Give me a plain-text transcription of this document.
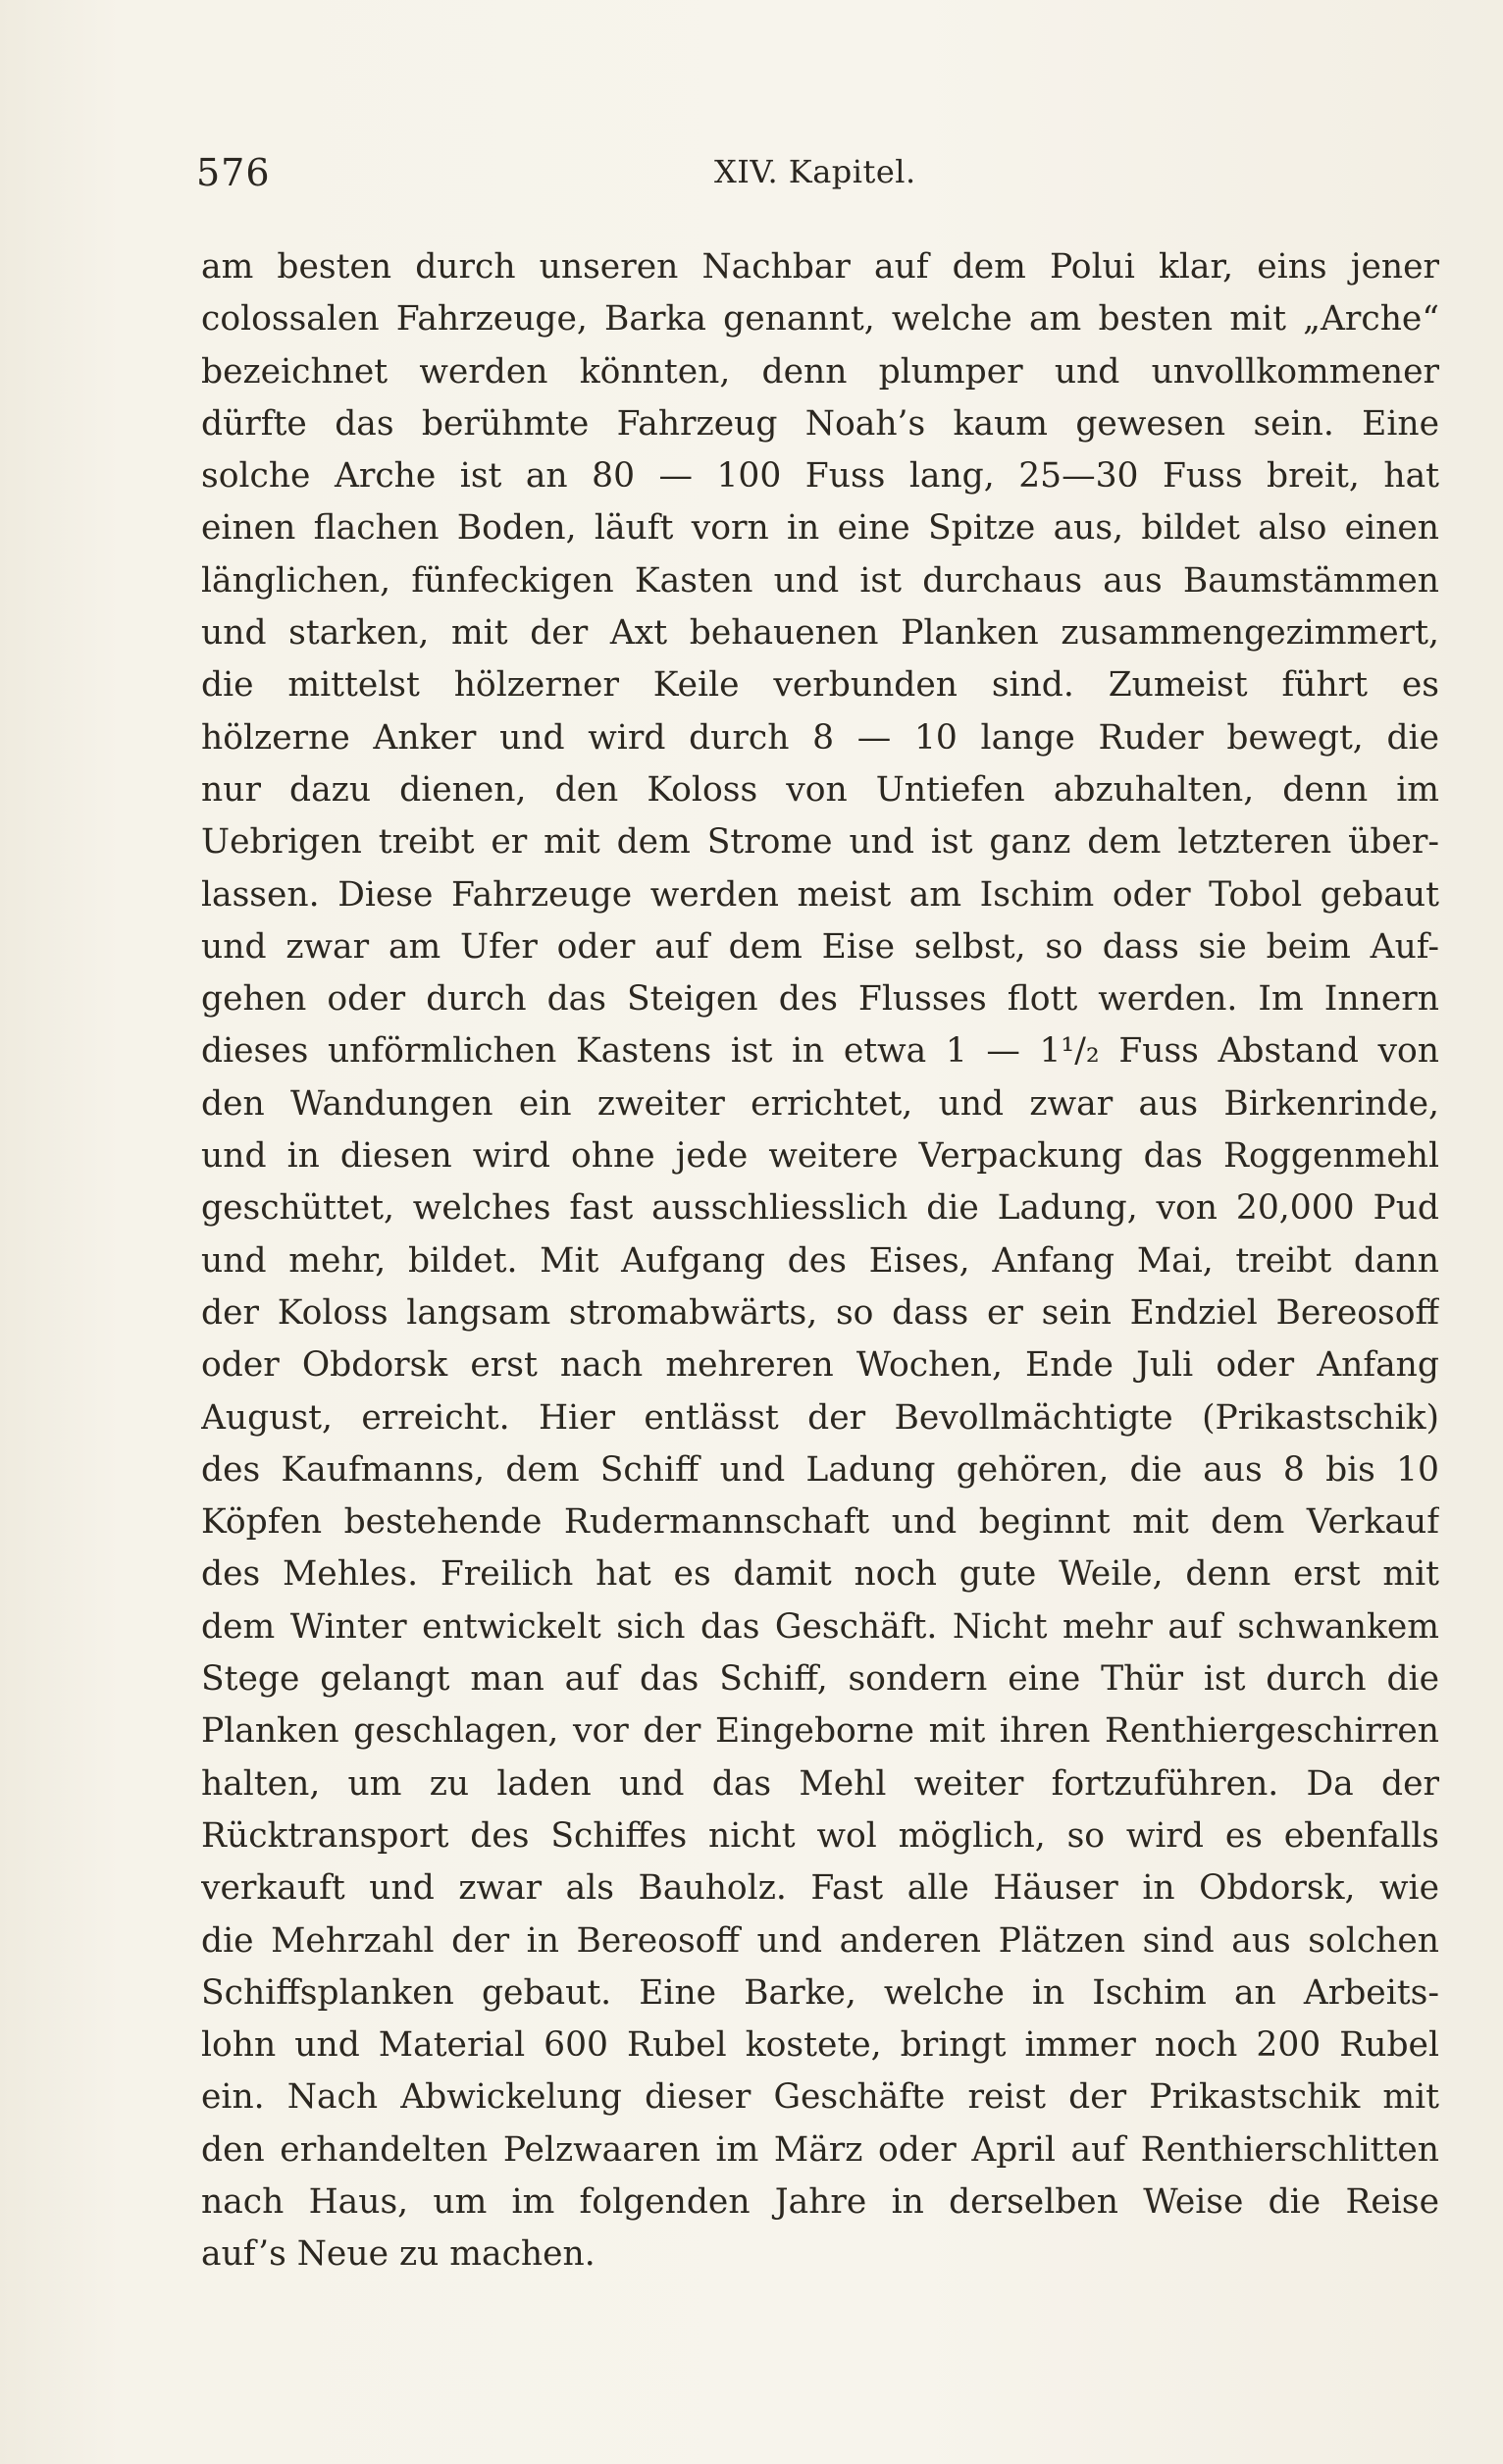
576	XIV. Kapitel.
am besten durch unseren Nachbar auf dem Polui klar, eins jener
colossalen Fahrzeuge, Barka genannt, welche am besten mit „Arche“
bezeichnet werden könnten, denn plumper und unvollkommener
dürfte das berühmte Fahrzeug Noah’s kaum gewesen sein. Eine
solche Arche ist an 80 — 100 Fuss lang, 25—30 Fuss breit, hat
einen flachen Boden, läuft vorn in eine Spitze aus, bildet also einen
länglichen, fünfeckigen Kasten und ist durchaus aus Baumstämmen
und starken, mit der Axt behauenen Planken zusammengezimmert,
die mittelst hölzerner Keile verbunden sind. Zumeist führt es
hölzerne Anker und wird durch 8 — 10 lange Ruder bewegt, die
nur dazu dienen, den Koloss von Untiefen abzuhalten, denn im
Uebrigen treibt er mit dem Strome und ist ganz dem letzteren über-
lassen. Diese Fahrzeuge werden meist am Ischim oder Tobol gebaut
und zwar am Ufer oder auf dem Eise selbst, so dass sie beim Auf-
gehen oder durch das Steigen des Flusses flott werden. Im Innern
dieses unförmlichen Kastens ist in etwa 1 — 1¹/₂ Fuss Abstand von
den Wandungen ein zweiter errichtet, und zwar aus Birkenrinde,
und in diesen wird ohne jede weitere Verpackung das Roggenmehl
geschüttet, welches fast ausschliesslich die Ladung, von 20,000 Pud
und mehr, bildet. Mit Aufgang des Eises, Anfang Mai, treibt dann
der Koloss langsam stromabwärts, so dass er sein Endziel Bereosoff
oder Obdorsk erst nach mehreren Wochen, Ende Juli oder Anfang
August, erreicht. Hier entlässt der Bevollmächtigte (Prikastschik)
des Kaufmanns, dem Schiff und Ladung gehören, die aus 8 bis 10
Köpfen bestehende Rudermannschaft und beginnt mit dem Verkauf
des Mehles. Freilich hat es damit noch gute Weile, denn erst mit
dem Winter entwickelt sich das Geschäft. Nicht mehr auf schwankem
Stege gelangt man auf das Schiff, sondern eine Thür ist durch die
Planken geschlagen, vor der Eingeborne mit ihren Renthiergeschirren
halten, um zu laden und das Mehl weiter fortzuführen. Da der
Rücktransport des Schiffes nicht wol möglich, so wird es ebenfalls
verkauft und zwar als Bauholz. Fast alle Häuser in Obdorsk, wie
die Mehrzahl der in Bereosoff und anderen Plätzen sind aus solchen
Schiffsplanken gebaut. Eine Barke, welche in Ischim an Arbeits-
lohn und Material 600 Rubel kostete, bringt immer noch 200 Rubel
ein. Nach Abwickelung dieser Geschäfte reist der Prikastschik mit
den erhandelten Pelzwaaren im März oder April auf Renthierschlitten
nach Haus, um im folgenden Jahre in derselben Weise die Reise
auf’s Neue zu machen.
